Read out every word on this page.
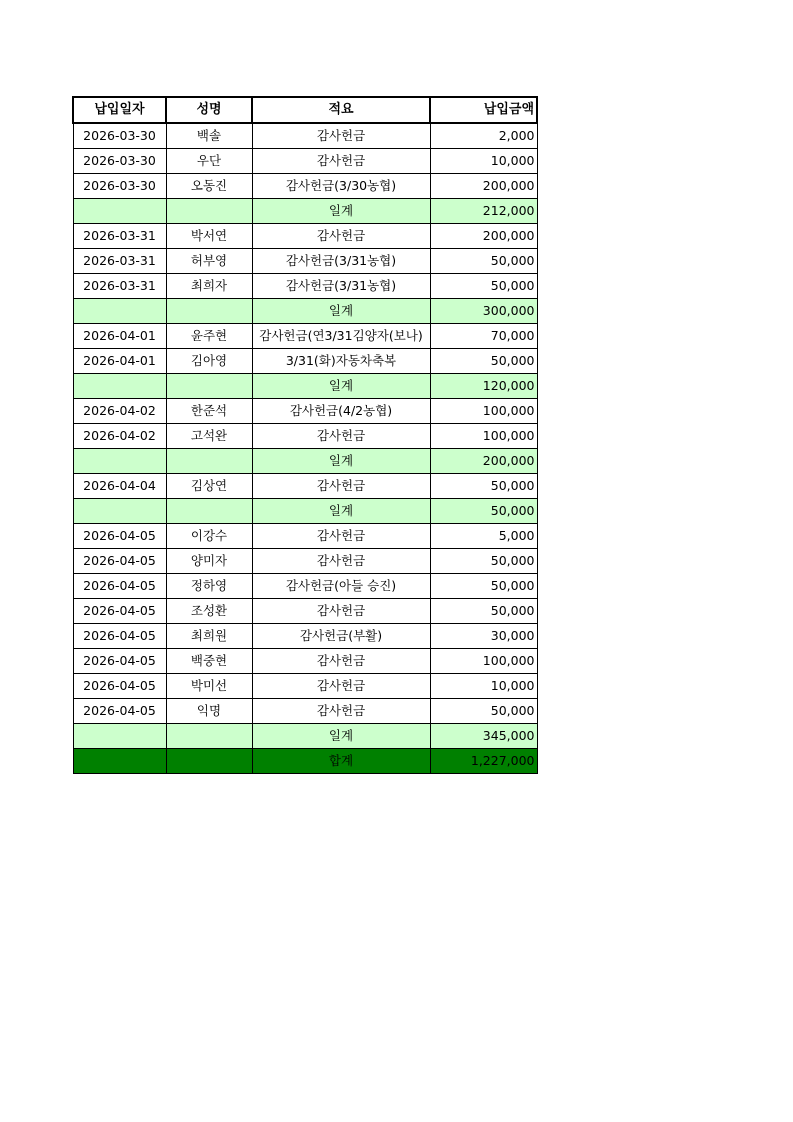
납입일자	성명	적요	납입금액
2026-03-30	백솔	감사헌금	2,000
2026-03-30	우단	감사헌금	10,000
2026-03-30	오동진	감사헌금(3/30농협)	200,000
		일계	212,000
2026-03-31	박서연	감사헌금	200,000
2026-03-31	허부영	감사헌금(3/31농협)	50,000
2026-03-31	최희자	감사헌금(3/31농협)	50,000
		일계	300,000
2026-04-01	윤주현	감사헌금(연3/31김양자(보나)	70,000
2026-04-01	김아영	3/31(화)자동차축복	50,000
		일계	120,000
2026-04-02	한준석	감사헌금(4/2농협)	100,000
2026-04-02	고석완	감사헌금	100,000
		일계	200,000
2026-04-04	김상연	감사헌금	50,000
		일계	50,000
2026-04-05	이강수	감사헌금	5,000
2026-04-05	양미자	감사헌금	50,000
2026-04-05	정하영	감사헌금(아들 승진)	50,000
2026-04-05	조성환	감사헌금	50,000
2026-04-05	최희원	감사헌금(부활)	30,000
2026-04-05	백중현	감사헌금	100,000
2026-04-05	박미선	감사헌금	10,000
2026-04-05	익명	감사헌금	50,000
		일계	345,000
		합계	1,227,000
